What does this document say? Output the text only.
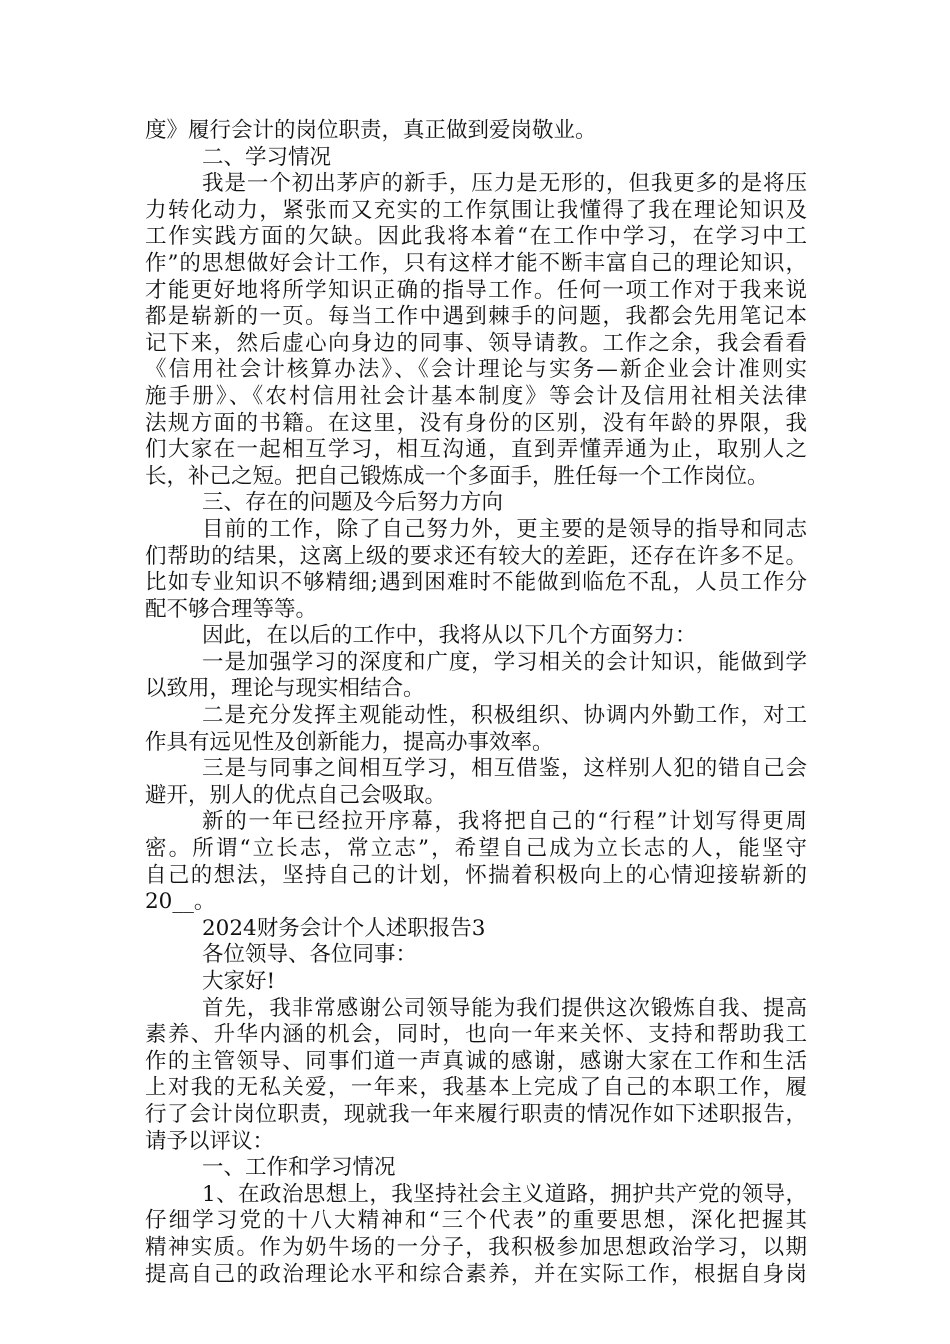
度》履行会计的岗位职责，真正做到爱岗敬业。
二、学习情况
我是一个初出茅庐的新手，压力是无形的，但我更多的是将压
力转化动力，紧张而又充实的工作氛围让我懂得了我在理论知识及
工作实践方面的欠缺。因此我将本着“在工作中学习，在学习中工
作”的思想做好会计工作，只有这样才能不断丰富自己的理论知识，
才能更好地将所学知识正确的指导工作。任何一项工作对于我来说
都是崭新的一页。每当工作中遇到棘手的问题，我都会先用笔记本
记下来，然后虚心向身边的同事、领导请教。工作之余，我会看看
《信用社会计核算办法》、《会计理论与实务—新企业会计准则实
施手册》、《农村信用社会计基本制度》等会计及信用社相关法律
法规方面的书籍。在这里，没有身份的区别，没有年龄的界限，我
们大家在一起相互学习，相互沟通，直到弄懂弄通为止，取别人之
长，补己之短。把自己锻炼成一个多面手，胜任每一个工作岗位。
三、存在的问题及今后努力方向
目前的工作，除了自己努力外，更主要的是领导的指导和同志
们帮助的结果，这离上级的要求还有较大的差距，还存在许多不足。
比如专业知识不够精细;遇到困难时不能做到临危不乱，人员工作分
配不够合理等等。
因此，在以后的工作中，我将从以下几个方面努力：
一是加强学习的深度和广度，学习相关的会计知识，能做到学
以致用，理论与现实相结合。
二是充分发挥主观能动性，积极组织、协调内外勤工作，对工
作具有远见性及创新能力，提高办事效率。
三是与同事之间相互学习，相互借鉴，这样别人犯的错自己会
避开，别人的优点自己会吸取。
新的一年已经拉开序幕，我将把自己的“行程”计划写得更周
密。所谓“立长志，常立志”，希望自己成为立长志的人，能坚守
自己的想法，坚持自己的计划，怀揣着积极向上的心情迎接崭新的
20__。
2024财务会计个人述职报告3
各位领导、各位同事：
大家好!
首先，我非常感谢公司领导能为我们提供这次锻炼自我、提高
素养、升华内涵的机会，同时，也向一年来关怀、支持和帮助我工
作的主管领导、同事们道一声真诚的感谢，感谢大家在工作和生活
上对我的无私关爱，一年来，我基本上完成了自己的本职工作，履
行了会计岗位职责，现就我一年来履行职责的情况作如下述职报告，
请予以评议：
一、工作和学习情况
1、在政治思想上，我坚持社会主义道路，拥护共产党的领导，
仔细学习党的十八大精神和“三个代表”的重要思想，深化把握其
精神实质。作为奶牛场的一分子，我积极参加思想政治学习，以期
提高自己的政治理论水平和综合素养，并在实际工作，根据自身岗
